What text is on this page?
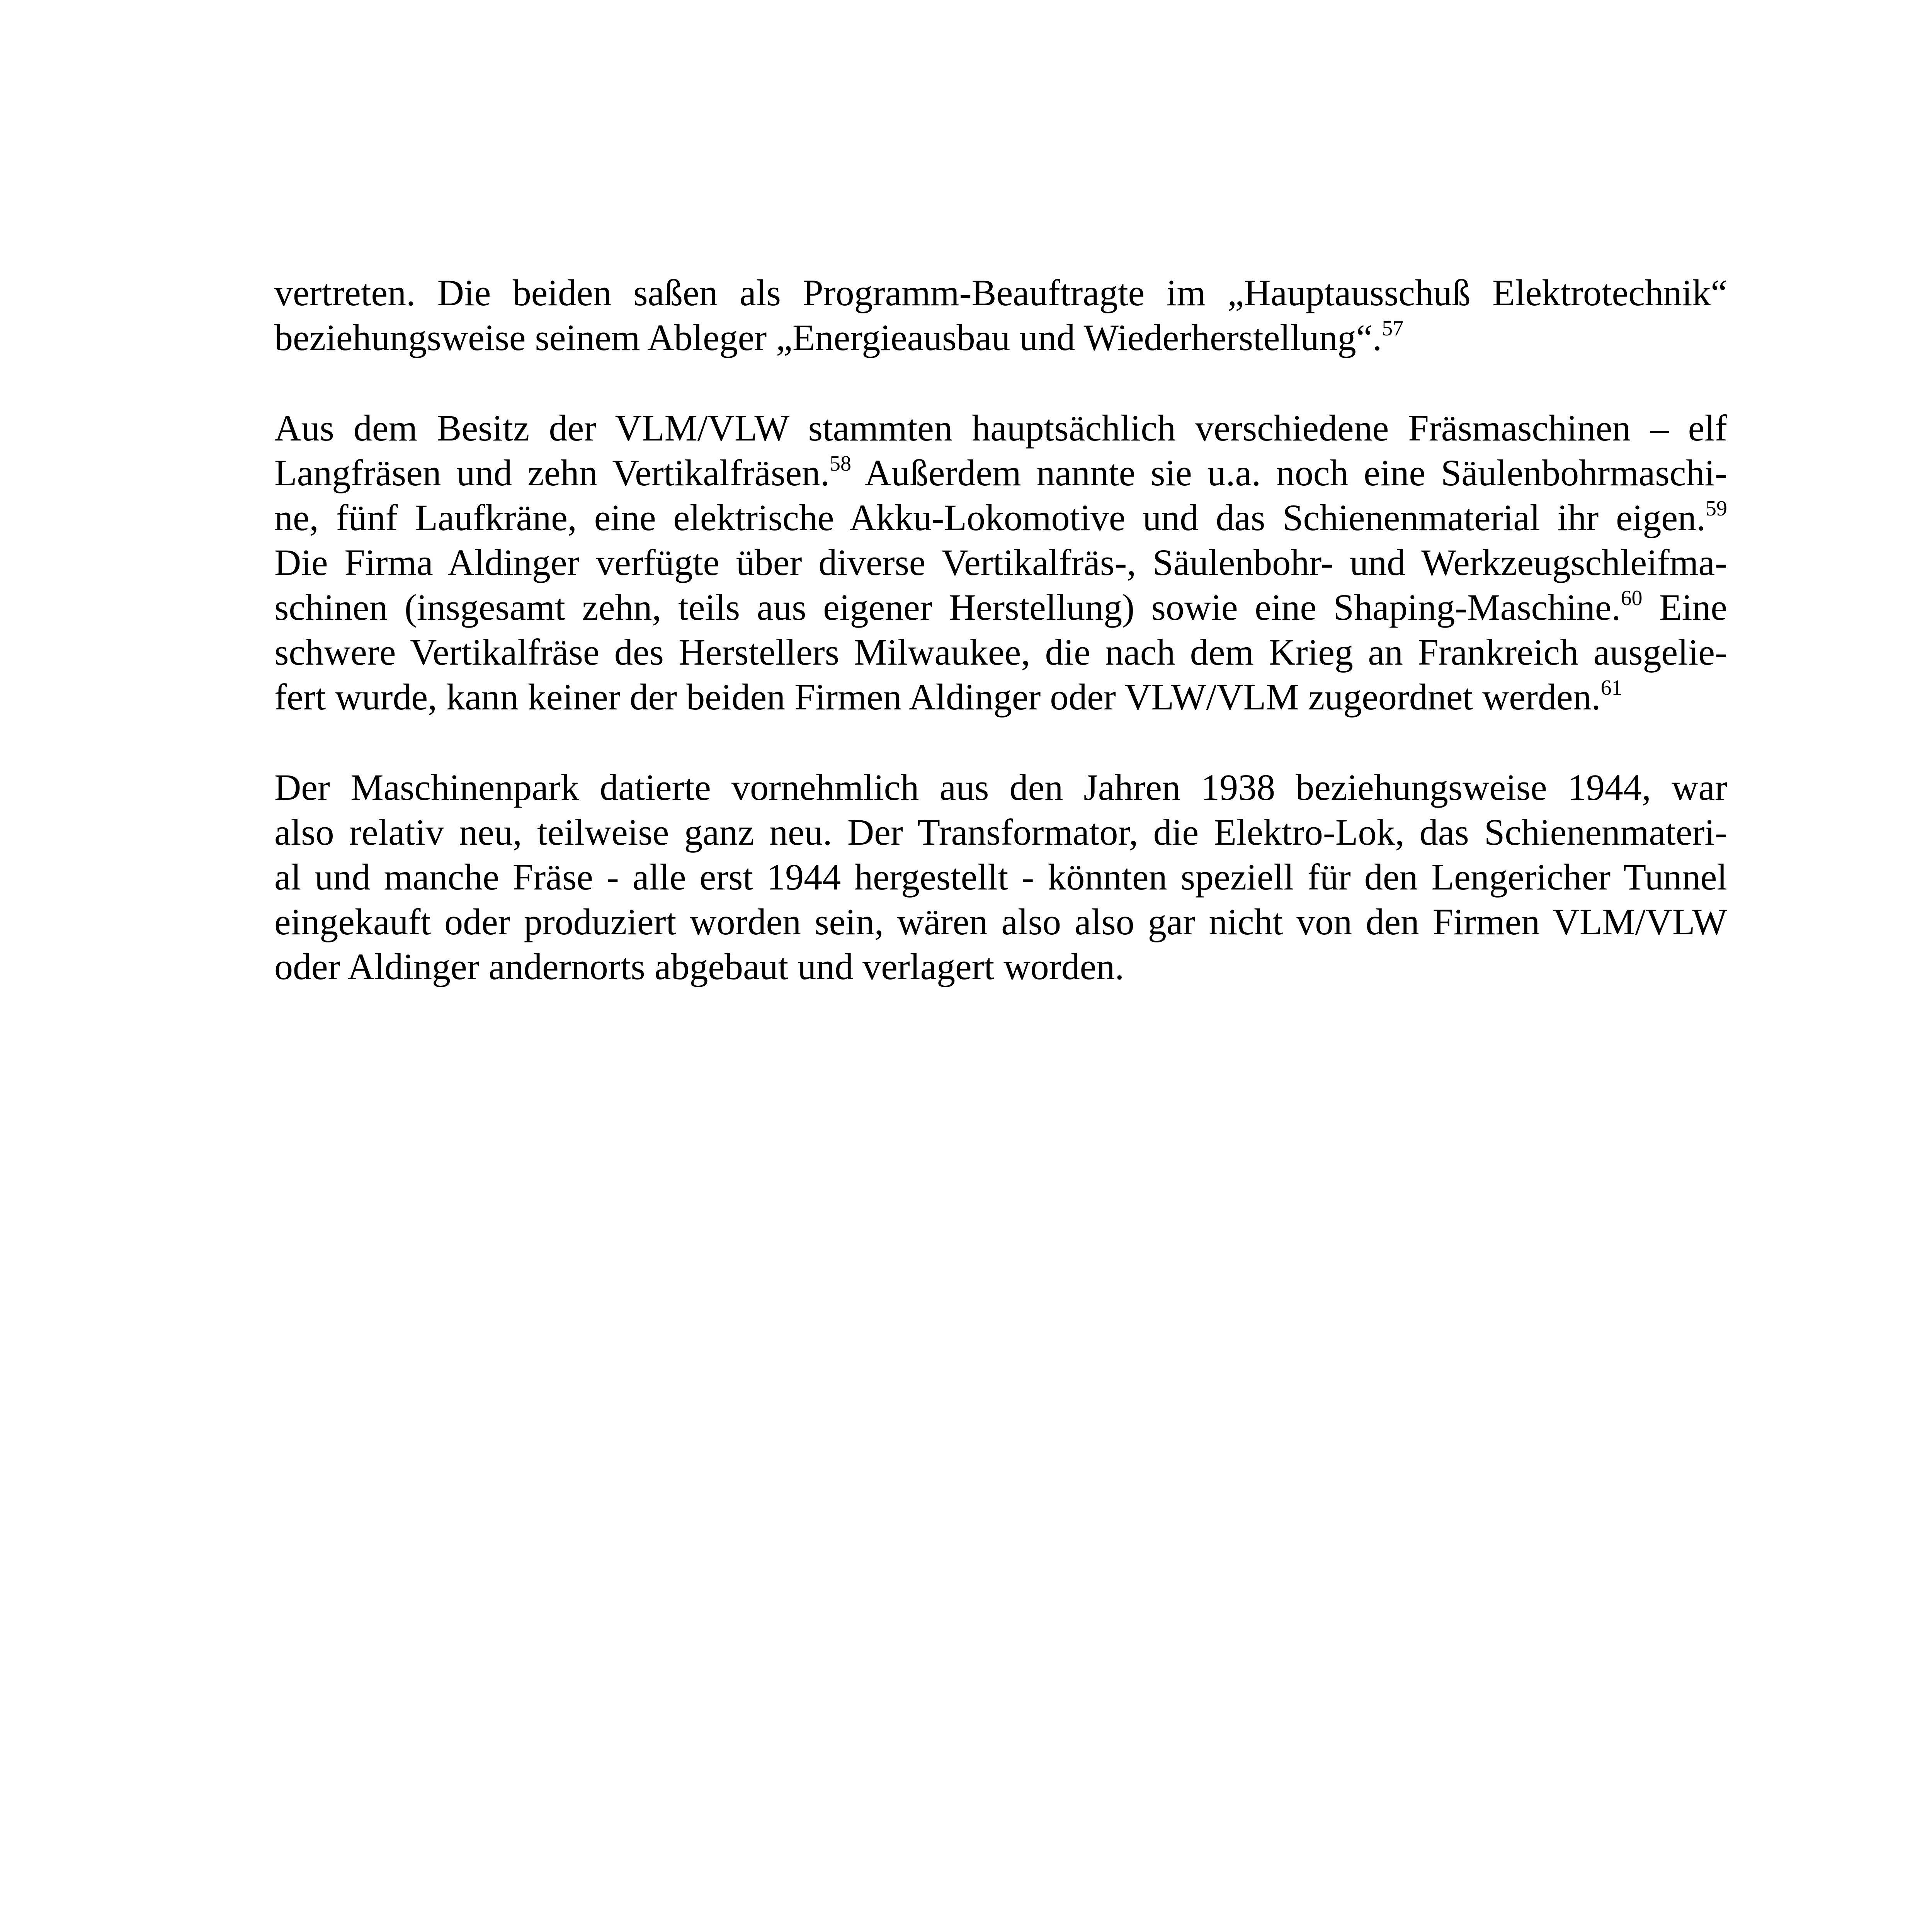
vertreten. Die beiden saßen als Programm-Beauftragte im „Hauptausschuß Elektrotechnik“
beziehungsweise seinem Ableger „Energieausbau und Wiederherstellung“.$^{57}$

Aus dem Besitz der VLM/VLW stammten hauptsächlich verschiedene Fräsmaschinen – elf
Langfräsen und zehn Vertikalfräsen.$^{58}$ Außerdem nannte sie u.a. noch eine Säulenbohrmaschi-
ne, fünf Laufkräne, eine elektrische Akku-Lokomotive und das Schienenmaterial ihr eigen.$^{59}$
Die Firma Aldinger verfügte über diverse Vertikalfräs-, Säulenbohr- und Werkzeugschleifma-
schinen (insgesamt zehn, teils aus eigener Herstellung) sowie eine Shaping-Maschine.$^{60}$ Eine
schwere Vertikalfräse des Herstellers Milwaukee, die nach dem Krieg an Frankreich ausgelie-
fert wurde, kann keiner der beiden Firmen Aldinger oder VLW/VLM zugeordnet werden.$^{61}$

Der Maschinenpark datierte vornehmlich aus den Jahren 1938 beziehungsweise 1944, war
also relativ neu, teilweise ganz neu. Der Transformator, die Elektro-Lok, das Schienenmateri-
al und manche Fräse - alle erst 1944 hergestellt - könnten speziell für den Lengericher Tunnel
eingekauft oder produziert worden sein, wären also also gar nicht von den Firmen VLM/VLW
oder Aldinger andernorts abgebaut und verlagert worden.
